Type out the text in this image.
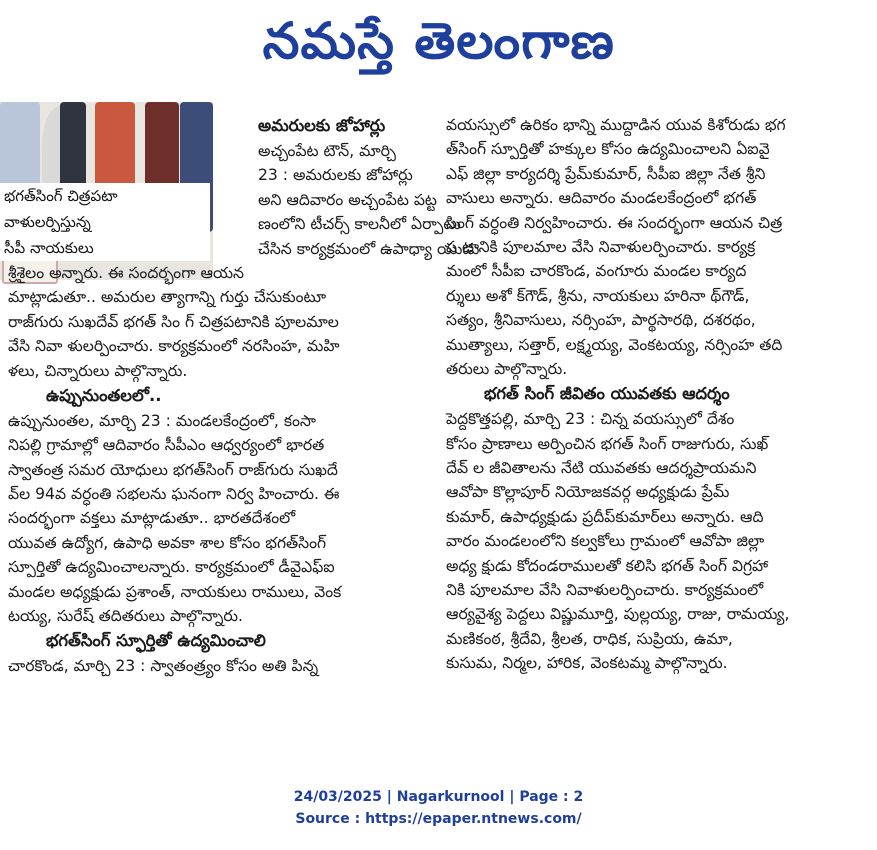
నమస్తే తెలంగాణ
భగత్‌సింగ్ చిత్రపటా
వాళులర్పిస్తున్న
సీపీ నాయకులు
అమరులకు జోహార్లు
అచ్చంపేట టౌన్, మార్చి
23 : అమరులకు జోహార్లు
అని ఆదివారం అచ్చంపేట పట్ట
ణంలోని టీచర్స్ కాలనీలో ఏర్పాటు
చేసిన కార్యక్రమంలో ఉపాధ్యా యుడు
శ్రీశైలం అన్నారు. ఈ సందర్భంగా ఆయన
మాట్లాడుతూ.. అమరుల త్యాగాన్ని గుర్తు చేసుకుంటూ
రాజ్‌గురు సుఖదేవ్ భగత్ సిం గ్ చిత్రపటానికి పూలమాల
వేసి నివా ళులర్పించారు. కార్యక్రమంలో నరసింహ, మహి
ళలు, చిన్నారులు పాల్గొన్నారు.
ఉప్పునుంతలలో..
ఉప్పునుంతల, మార్చి 23 : మండలకేంద్రంలో, కంసా
నిపల్లి గ్రామాల్లో ఆదివారం సీపీఎం ఆధ్వర్యంలో భారత
స్వాతంత్ర సమర యోధులు భగత్‌సింగ్ రాజ్‌గురు సుఖదే
వ్‌ల 94వ వర్ధంతి సభలను ఘనంగా నిర్వ హించారు. ఈ
సందర్భంగా వక్తలు మాట్లాడుతూ.. భారతదేశంలో
యువత ఉద్యోగ, ఉపాధి అవకా శాల కోసం భగత్‌సింగ్
స్పూర్తితో ఉద్యమించాలన్నారు. కార్యక్రమంలో డీవైఎఫ్ఐ
మండల అధ్యక్షుడు ప్రశాంత్, నాయకులు రాములు, వెంక
టయ్య, సురేష్ తదితరులు పాల్గొన్నారు.
భగత్‌సింగ్ స్ఫూర్తితో ఉద్యమించాలి
చారకొండ, మార్చి 23 : స్వాతంత్ర్యం కోసం అతి పిన్న
వయస్సులో ఉరికం భాన్ని ముద్దాడిన యువ కిశోరుడు భగ
త్‌సింగ్ స్పూర్తితో హక్కుల కోసం ఉద్యమించాలని ఏఐవై
ఎఫ్ జిల్లా కార్యదర్శి ప్రేమ్‌కుమార్, సీపీఐ జిల్లా నేత శ్రీని
వాసులు అన్నారు. ఆదివారం మండలకేంద్రంలో భగత్
సింగ్ వర్ధంతి నిర్వహించారు. ఈ సందర్భంగా ఆయన చిత్ర
ప టానికి పూలమాల వేసి నివాళులర్పించారు. కార్యక్ర
మంలో సీపీఐ చారకొండ, వంగూరు మండల కార్యద
ర్శులు అశో క్‌గౌడ్, శ్రీను, నాయకులు హరినా థ్‌గౌడ్,
సత్యం, శ్రీనివాసులు, నర్సింహ, పార్థసారథి, దశరథం,
ముత్యాలు, సత్తార్, లక్ష్మయ్య, వెంకటయ్య, నర్సింహ తది
తరులు పాల్గొన్నారు.
భగత్ సింగ్ జీవితం యువతకు ఆదర్శం
పెద్దకొత్తపల్లి, మార్చి 23 : చిన్న వయస్సులో దేశం
కోసం ప్రాణాలు అర్పించిన భగత్ సింగ్ రాజుగురు, సుఖ్
దేవ్ ల జీవితాలను నేటి యువతకు ఆదర్శప్రాయమని
ఆవోపా కొల్లాపూర్ నియోజకవర్గ అధ్యక్షుడు ప్రేమ్
కుమార్, ఉపాధ్యక్షుడు ప్రదీప్‌కుమార్‌లు అన్నారు. ఆది
వారం మండలంలోని కల్వకోలు గ్రామంలో ఆవోపా జిల్లా
అధ్య క్షుడు కోదండరాములతో కలిసి భగత్ సింగ్ విగ్రహా
నికి పూలమాల వేసి నివాళులర్పించారు. కార్యక్రమంలో
ఆర్యవైశ్య పెద్దలు విష్ణుమూర్తి, పుల్లయ్య, రాజు, రామయ్య,
మణికంఠ, శ్రీదేవి, శ్రీలత, రాధిక, సుప్రియ, ఉమా,
కుసుమ, నిర్మల, హారిక, వెంకటమ్మ పాల్గొన్నారు.
24/03/2025 | Nagarkurnool | Page : 2
Source : https://epaper.ntnews.com/
